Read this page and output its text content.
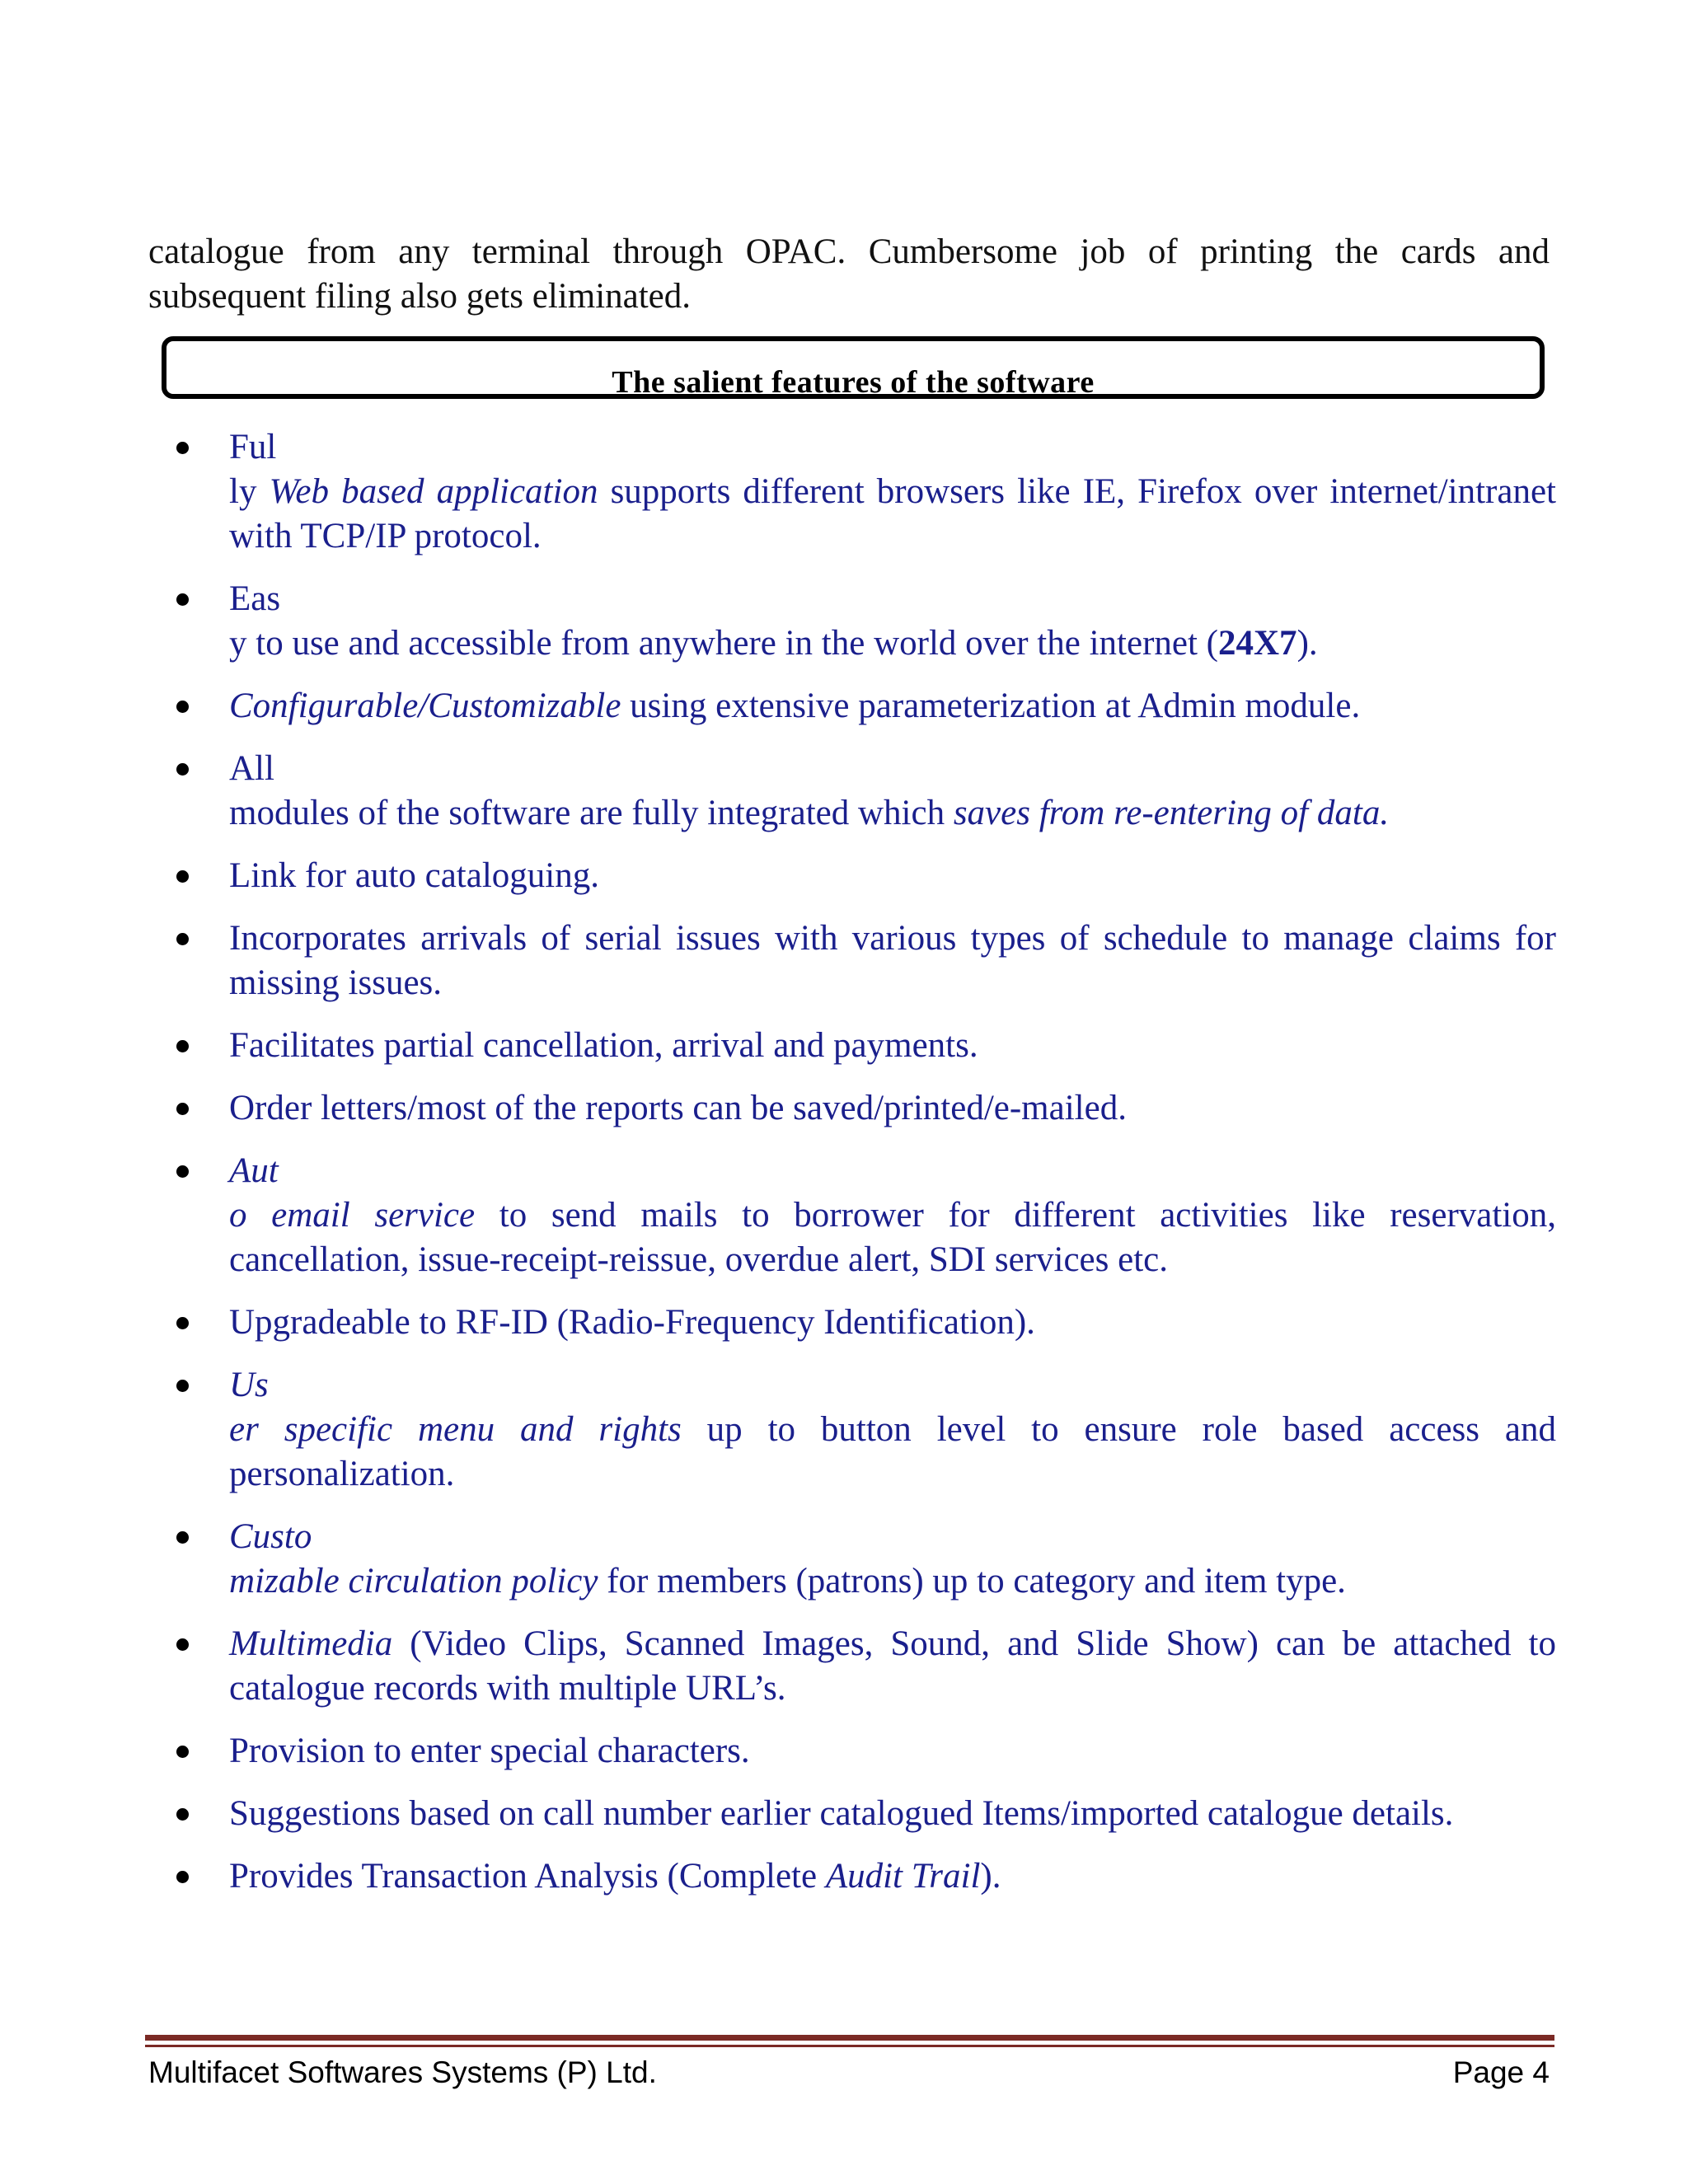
catalogue from any terminal through OPAC. Cumbersome job of printing the cards and subsequent filing also gets eliminated.

The salient features of the software
Ful
ly Web based application supports different browsers like IE, Firefox over internet/intranet with TCP/IP protocol.
Eas
y to use and accessible from anywhere in the world over the internet (24X7).
Configurable/Customizable using extensive parameterization at Admin module.
All
modules of the software are fully integrated which saves from re-entering of data.
Link for auto cataloguing.
Incorporates arrivals of serial issues with various types of schedule to manage claims for missing issues.
Facilitates partial cancellation, arrival and payments.
Order letters/most of the reports can be saved/printed/e-mailed.
Aut
o email service to send mails to borrower for different activities like reservation, cancellation, issue-receipt-reissue, overdue alert, SDI services etc.
Upgradeable to RF-ID (Radio-Frequency Identification).
Us
er specific menu and rights up to button level to ensure role based access and personalization.
Custo
mizable circulation policy for members (patrons) up to category and item type.
Multimedia (Video Clips, Scanned Images, Sound, and Slide Show) can be attached to catalogue records with multiple URL’s.
Provision to enter special characters.
Suggestions based on call number earlier catalogued Items/imported catalogue details.
Provides Transaction Analysis (Complete Audit Trail).
Multifacet Softwares Systems (P) Ltd.	Page 4
